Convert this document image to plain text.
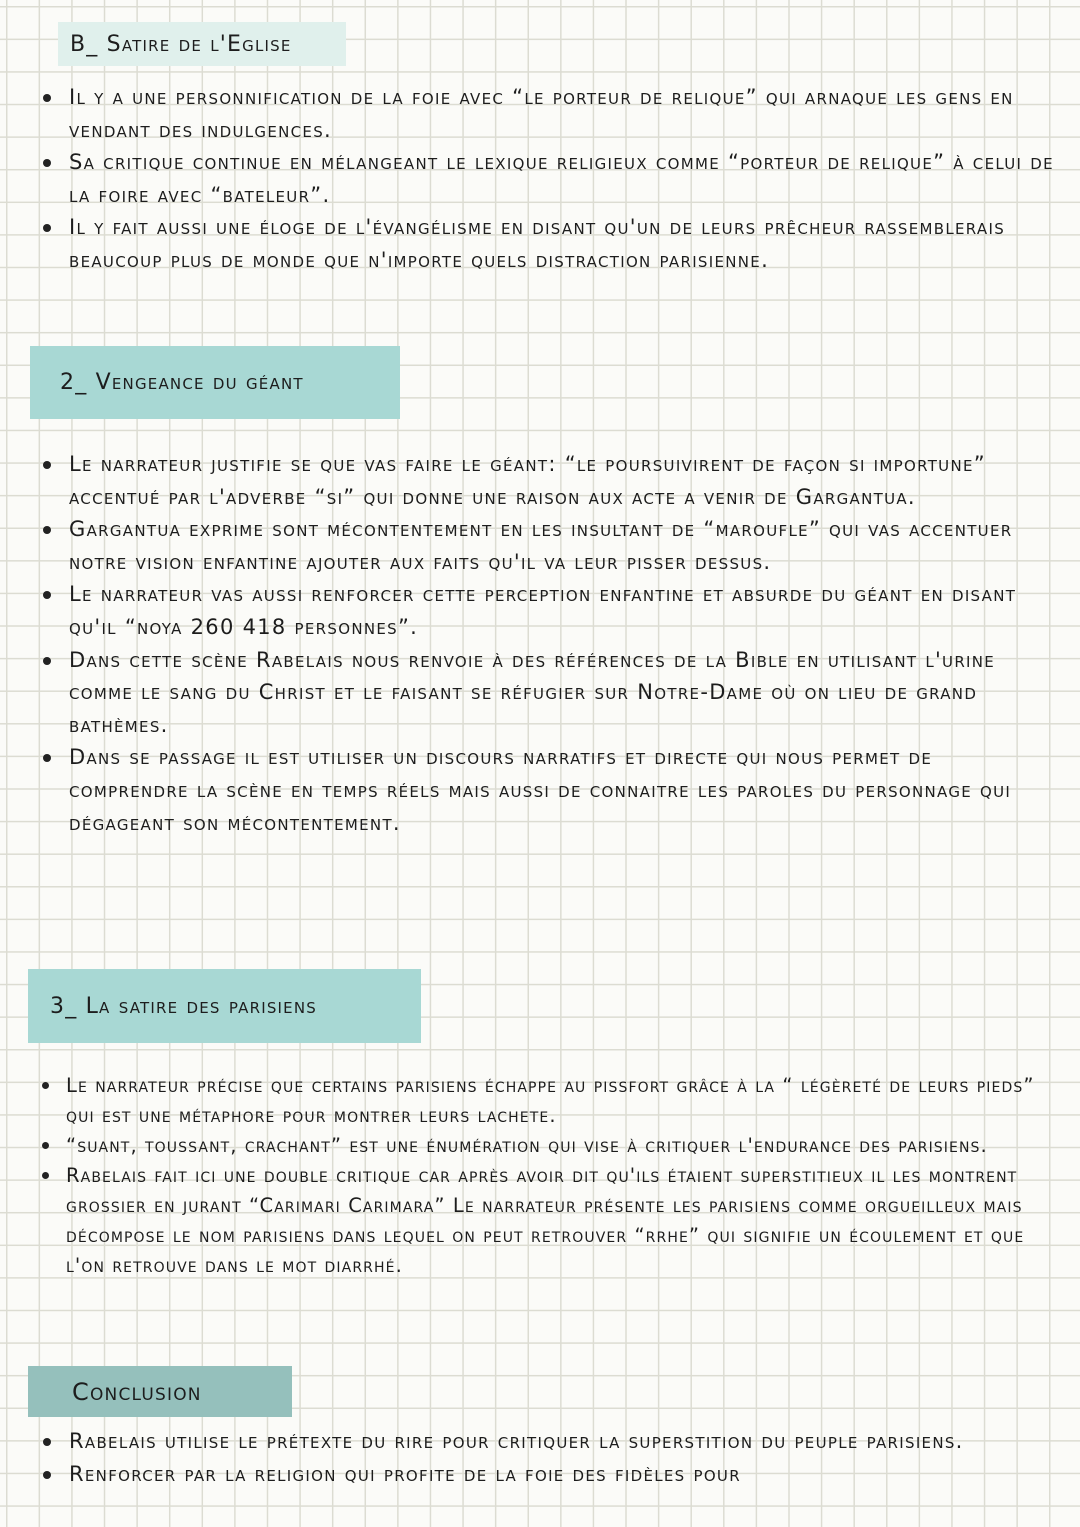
B_ Satire de l'Eglise
Il y a une personnification de la foie avec “le porteur de relique” qui arnaque les gens en vendant des indulgences.
Sa critique continue en mélangeant le lexique religieux comme “porteur de relique” à celui de la foire avec “bateleur”.
Il y fait aussi une éloge de l'évangélisme en disant qu'un de leurs prêcheur rassemblerais beaucoup plus de monde que n'importe quels distraction parisienne.
2_ Vengeance du géant
Le narrateur justifie se que vas faire le géant: “le poursuivirent de façon si importune” accentué par l'adverbe “si” qui donne une raison aux acte a venir de Gargantua.
Gargantua exprime sont mécontentement en les insultant de “maroufle” qui vas accentuer notre vision enfantine ajouter aux faits qu'il va leur pisser dessus.
Le narrateur vas aussi renforcer cette perception enfantine et absurde du géant en disant qu'il “noya 260 418 personnes”.
Dans cette scène Rabelais nous renvoie à des références de la Bible en utilisant l'urine comme le sang du Christ et le faisant se réfugier sur Notre-Dame où on lieu de grand bathèmes.
Dans se passage il est utiliser un discours narratifs et directe qui nous permet de comprendre la scène en temps réels mais aussi de connaitre les paroles du personnage qui dégageant son mécontentement.
3_ La satire des parisiens
Le narrateur précise que certains parisiens échappe au pissfort grâce à la “ légèreté de leurs pieds” qui est une métaphore pour montrer leurs lachete.
“suant, toussant, crachant” est une énumération qui vise à critiquer l'endurance des parisiens.
Rabelais fait ici une double critique car après avoir dit qu'ils étaient superstitieux il les montrent grossier en jurant “Carimari Carimara” Le narrateur présente les parisiens comme orgueilleux mais décompose le nom parisiens dans lequel on peut retrouver “rrhe” qui signifie un écoulement et que l'on retrouve dans le mot diarrhé.
Conclusion
Rabelais utilise le prétexte du rire pour critiquer la superstition du peuple parisiens.
Renforcer par la religion qui profite de la foie des fidèles pour
